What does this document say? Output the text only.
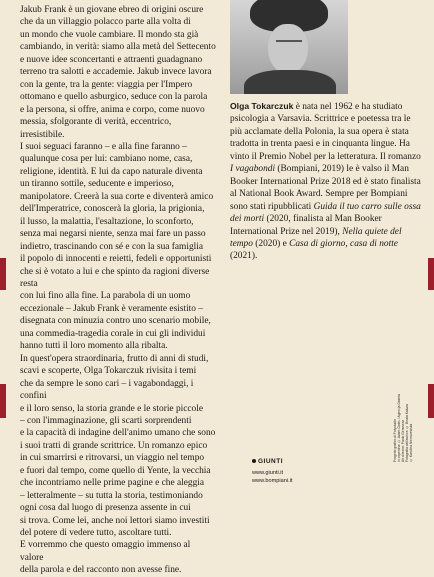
Jakub Frank è un giovane ebreo di origini oscure

che da un villaggio polacco parte alla volta di

un mondo che vuole cambiare. Il mondo sta già

cambiando, in verità: siamo alla metà del Settecento

e nuove idee sconcertanti e attraenti guadagnano

terreno tra salotti e accademie. Jakub invece lavora

con la gente, tra la gente: viaggia per l'Impero

ottomano e quello asburgico, seduce con la parola

e la persona, si offre, anima e corpo, come nuovo

messia, sfolgorante di verità, eccentrico, irresistibile.

I suoi seguaci faranno – e alla fine faranno –

qualunque cosa per lui: cambiano nome, casa,

religione, identità. E lui da capo naturale diventa

un tiranno sottile, seducente e imperioso,

manipolatore. Creerà la sua corte e diventerà amico

dell'Imperatrice, conoscerà la gloria, la prigionia,

il lusso, la malattia, l'esaltazione, lo sconforto,

senza mai negarsi niente, senza mai fare un passo

indietro, trascinando con sé e con la sua famiglia

il popolo di innocenti e reietti, fedeli e opportunisti

che si è votato a lui e che spinto da ragioni diverse resta

con lui fino alla fine. La parabola di un uomo

eccezionale – Jakub Frank è veramente esistito –

disegnata con minuzia contro uno scenario mobile,

una commedia-tragedia corale in cui gli individui

hanno tutti il loro momento alla ribalta.

In quest'opera straordinaria, frutto di anni di studi,

scavi e scoperte, Olga Tokarczuk rivisita i temi

che da sempre le sono cari – i vagabondaggi, i confini

e il loro senso, la storia grande e le storie piccole

– con l'immaginazione, gli scarti sorprendenti

e la capacità di indagine dell'animo umano che sono

i suoi tratti di grande scrittrice. Un romanzo epico

in cui smarrirsi e ritrovarsi, un viaggio nel tempo

e fuori dal tempo, come quello di Yente, la vecchia

che incontriamo nelle prime pagine e che aleggia

– letteralmente – su tutta la storia, testimoniando

ogni cosa dal luogo di presenza assente in cui

si trova. Come lei, anche noi lettori siamo investiti

del potere di vedere tutto, ascoltare tutti.

E vorremmo che questo omaggio immenso al valore

della parola e del racconto non avesse fine.

Olga Tokarczuk è nata nel 1962 e ha studiato psicologia a Varsavia. Scrittrice e poetessa tra le più acclamate della Polonia, la sua opera è stata tradotta in trenta paesi e in cinquanta lingue. Ha vinto il Premio Nobel per la letteratura. Il romanzo I vagabondi (Bompiani, 2019) le è valso il Man Booker International Prize 2018 ed è stato finalista al National Book Award. Sempre per Bompiani sono stati ripubblicati Guida il tuo carro sulle ossa dei morti (2020, finalista al Man Booker International Prize nel 2019), Nella quiete del tempo (2020) e Casa di giorno, casa di notte (2021).
Progetto grafico di Polystudio In copertina: © Adam Golec / Agencja Gazeta Art director: Paolo Genovese Fotografia dell'autrice: © Beata Kaluza © Karolina Niemczewska
GIUNTI
www.giunti.it
www.bompiani.it
